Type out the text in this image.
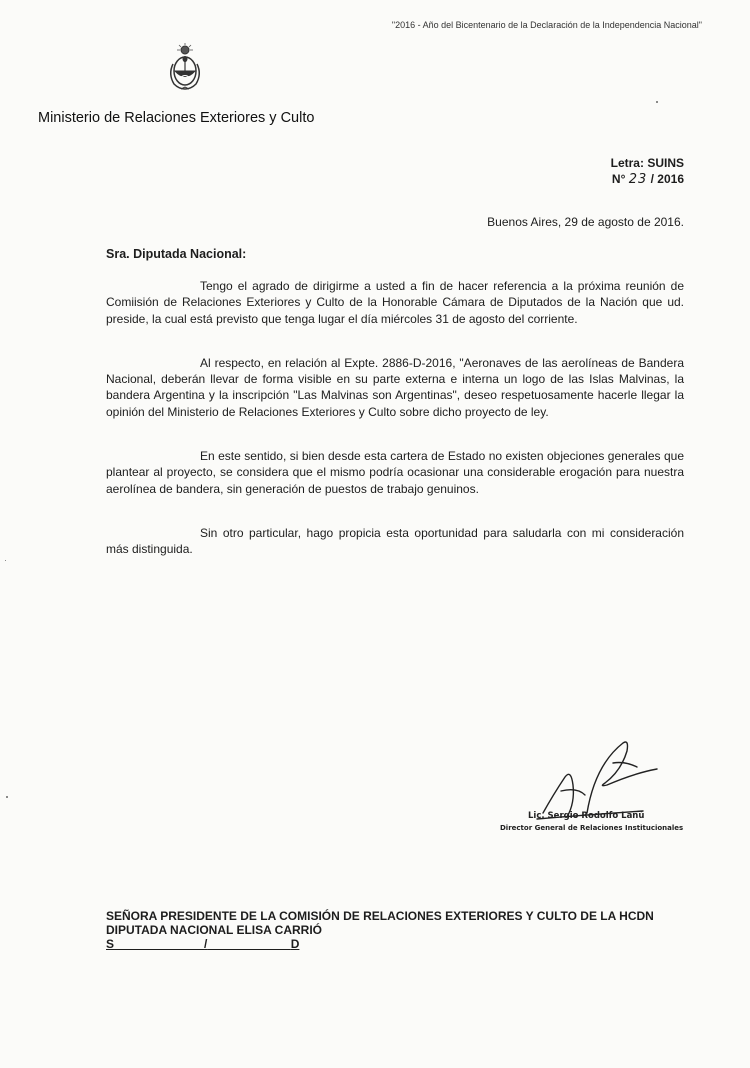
"2016 - Año del Bicentenario de la Declaración de la Independencia Nacional"
Ministerio de Relaciones Exteriores y Culto
Letra: SUINS
N° 23 / 2016
Buenos Aires, 29 de agosto de 2016.
Sra. Diputada Nacional:

Tengo el agrado de dirigirme a usted a fin de hacer referencia a la próxima reunión de Comiisión de Relaciones Exteriores y Culto de la Honorable Cámara de Diputados de la Nación que ud. preside, la cual está previsto que tenga lugar el día miércoles 31 de agosto del corriente.

Al respecto, en relación al Expte. 2886-D-2016, "Aeronaves de las aerolíneas de Bandera Nacional, deberán llevar de forma visible en su parte externa e interna un logo de las Islas Malvinas, la bandera Argentina y la inscripción "Las Malvinas son Argentinas", deseo respetuosamente hacerle llegar la opinión del Ministerio de Relaciones Exteriores y Culto sobre dicho proyecto de ley.

En este sentido, si bien desde esta cartera de Estado no existen objeciones generales que plantear al proyecto, se considera que el mismo podría ocasionar una considerable erogación para nuestra aerolínea de bandera, sin generación de puestos de trabajo genuinos.

Sin otro particular, hago propicia esta oportunidad para saludarla con mi consideración más distinguida.

Lic. Sergio Rodolfo Lanú
Director General de Relaciones Institucionales
SEÑORA PRESIDENTE DE LA COMISIÓN DE RELACIONES EXTERIORES Y CULTO DE LA HCDN
DIPUTADA NACIONAL ELISA CARRIÓ
S	/	D
